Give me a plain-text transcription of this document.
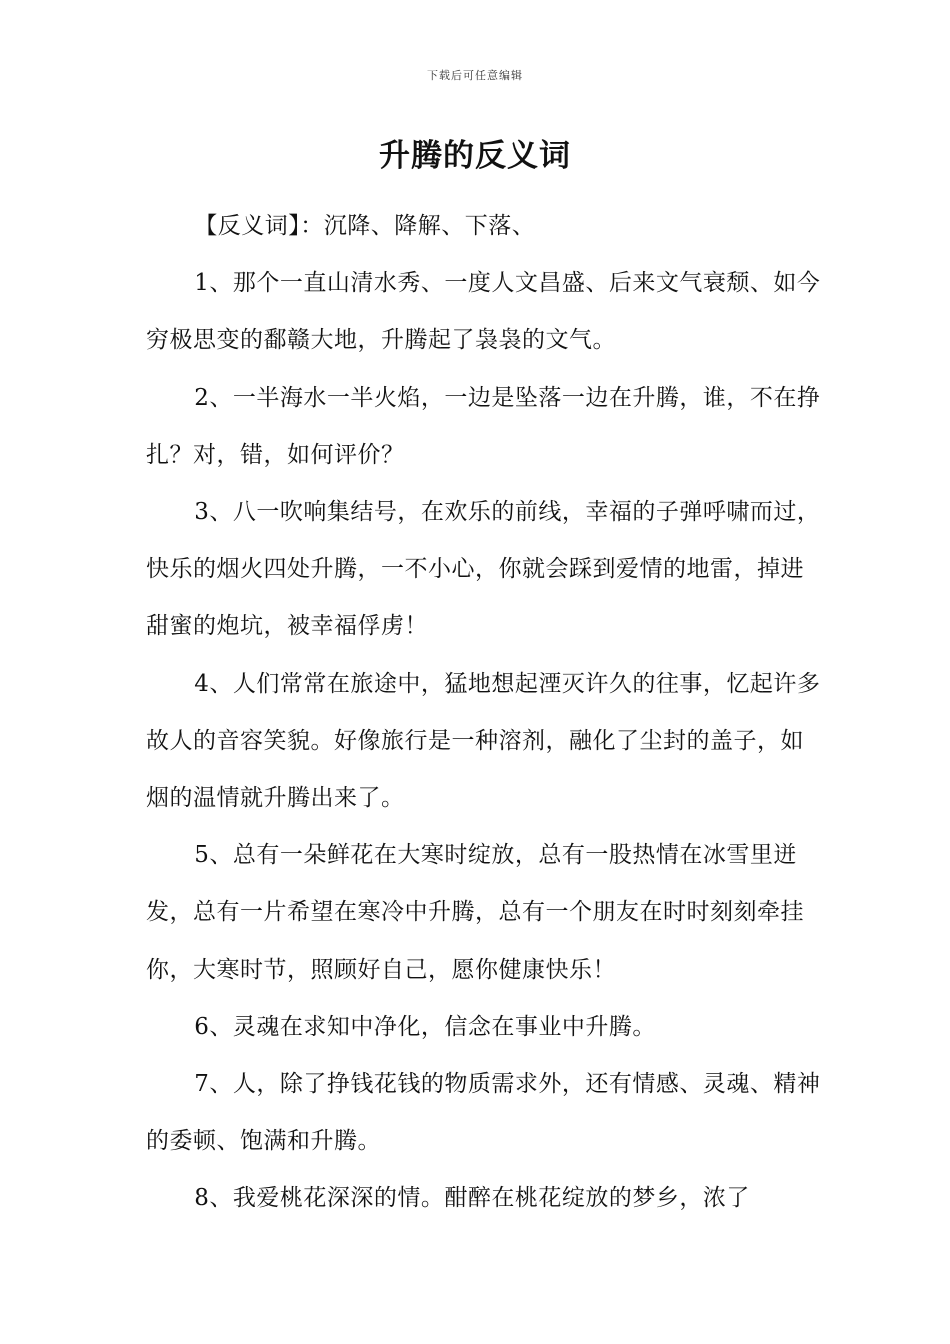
下载后可任意编辑
升腾的反义词

【反义词】：沉降、降解、下落、

1、那个一直山清水秀、一度人文昌盛、后来文气衰颓、如今穷极思变的鄱赣大地，升腾起了袅袅的文气。

2、一半海水一半火焰，一边是坠落一边在升腾，谁，不在挣扎？对，错，如何评价？

3、八一吹响集结号，在欢乐的前线，幸福的子弹呼啸而过，快乐的烟火四处升腾，一不小心，你就会踩到爱情的地雷，掉进甜蜜的炮坑，被幸福俘虏！

4、人们常常在旅途中，猛地想起湮灭许久的往事，忆起许多故人的音容笑貌。好像旅行是一种溶剂，融化了尘封的盖子，如烟的温情就升腾出来了。

5、总有一朵鲜花在大寒时绽放，总有一股热情在冰雪里迸发，总有一片希望在寒冷中升腾，总有一个朋友在时时刻刻牵挂你，大寒时节，照顾好自己，愿你健康快乐！

6、灵魂在求知中净化，信念在事业中升腾。

7、人，除了挣钱花钱的物质需求外，还有情感、灵魂、精神的委顿、饱满和升腾。

8、我爱桃花深深的情。酣醉在桃花绽放的梦乡，浓了
